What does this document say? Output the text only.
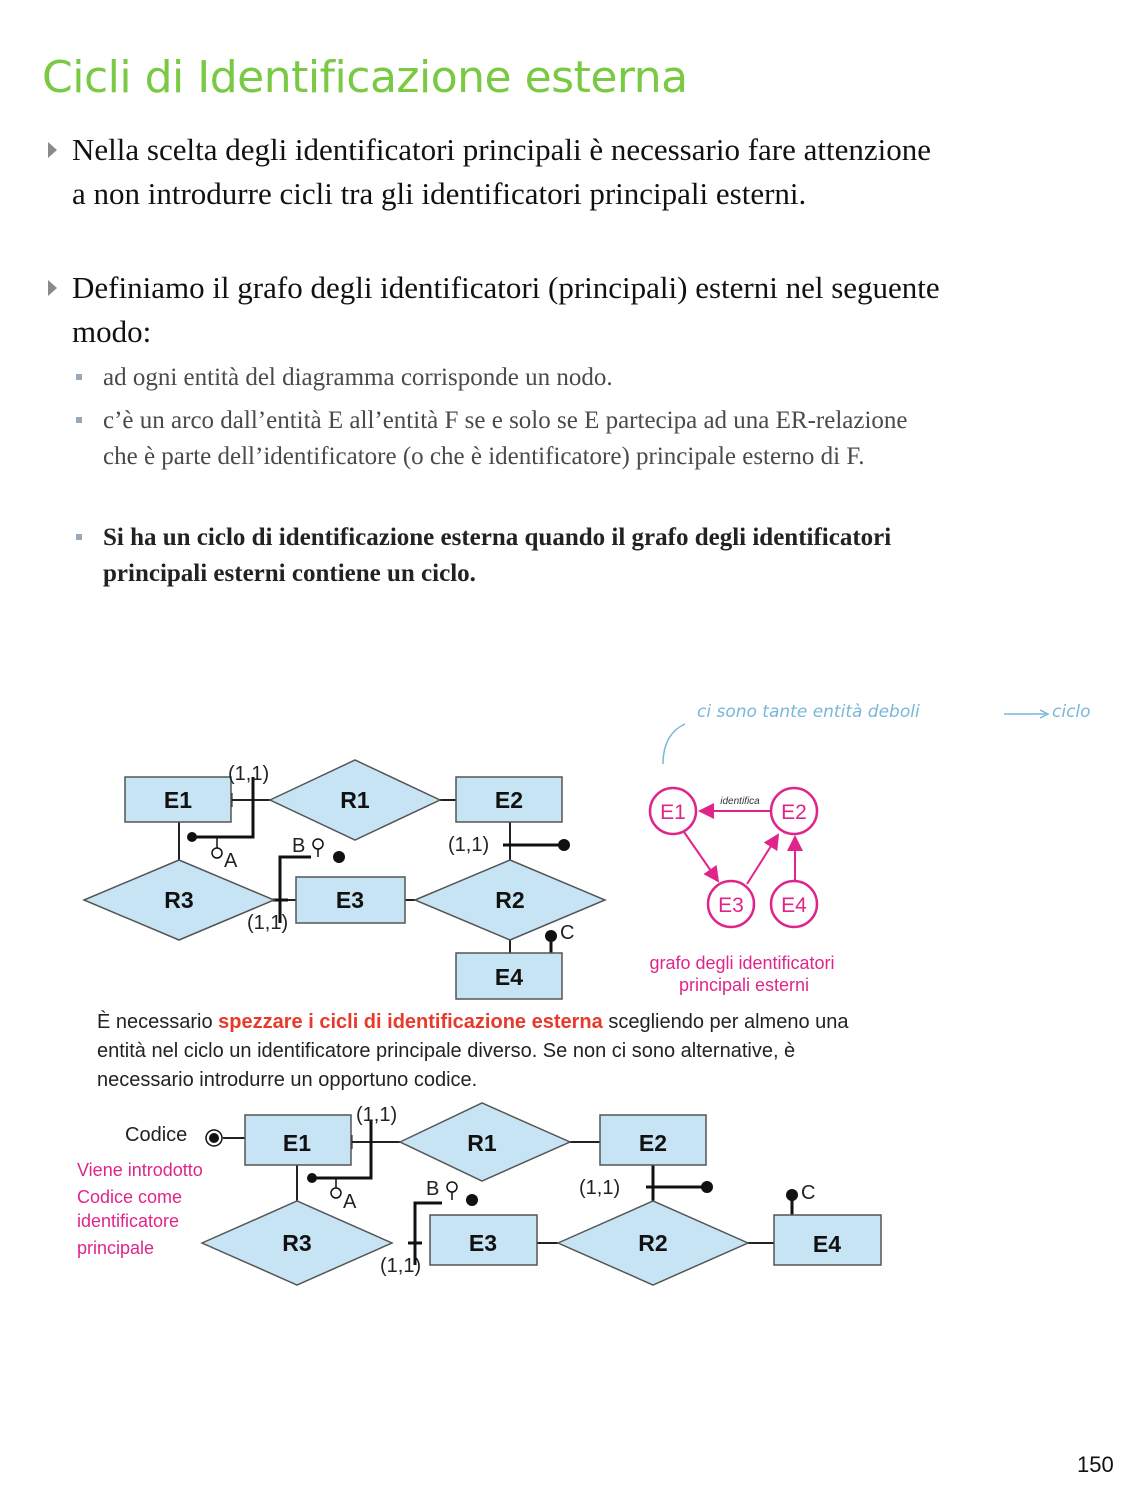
Cicli di Identificazione esterna
Nella scelta degli identificatori principali è necessario fare attenzione a non introdurre cicli tra gli identificatori principali esterni.
Definiamo il grafo degli identificatori (principali) esterni nel seguente modo:
ad ogni entità del diagramma corrisponde un nodo.
c’è un arco dall’entità E all’entità F se e solo se E partecipa ad una ER-relazione che è parte dell’identificatore (o che è identificatore) principale esterno di F.
Si ha un ciclo di identificazione esterna quando il grafo degli identificatori principali esterni contiene un ciclo.
ci sono tante entità deboli	ciclo
E1	E2
E3
E4
R1
R2
R3
(1,1)
(1,1)
(1,1)
A
B
C
E1	E2
E3 E4
identifica
grafo degli identificatori
principali esterni

È necessario spezzare i cicli di identificazione esterna scegliendo per almeno una entità nel ciclo un identificatore principale diverso. Se non ci sono alternative, è necessario introdurre un opportuno codice.

E1	E2
E3	E4
R1
R2
R3
(1,1)
(1,1)
(1,1)
A
B	C
Codice
Viene introdotto
Codice come
identificatore
principale
150
